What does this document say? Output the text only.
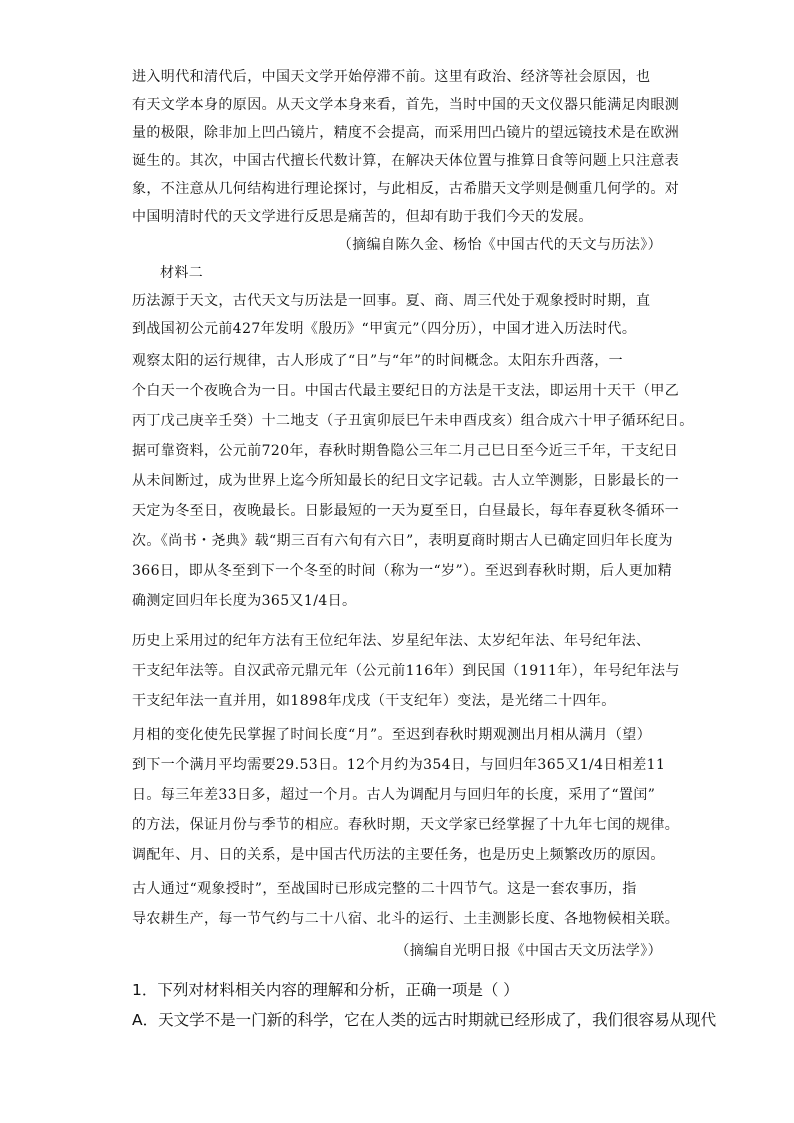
进入明代和清代后，中国天文学开始停滞不前。这里有政治、经济等社会原因，也
有天文学本身的原因。从天文学本身来看，首先，当时中国的天文仪器只能满足肉眼测
量的极限，除非加上凹凸镜片，精度不会提高，而采用凹凸镜片的望远镜技术是在欧洲
诞生的。其次，中国古代擅长代数计算，在解决天体位置与推算日食等问题上只注意表
象，不注意从几何结构进行理论探讨，与此相反，古希腊天文学则是侧重几何学的。对
中国明清时代的天文学进行反思是痛苦的，但却有助于我们今天的发展。
（摘编自陈久金、杨怡《中国古代的天文与历法》）
材料二
历法源于天文，古代天文与历法是一回事。夏、商、周三代处于观象授时时期，直
到战国初公元前427年发明《殷历》“甲寅元”（四分历），中国才进入历法时代。
观察太阳的运行规律，古人形成了“日”与“年”的时间概念。太阳东升西落，一
个白天一个夜晚合为一日。中国古代最主要纪日的方法是干支法，即运用十天干（甲乙
丙丁戊己庚辛壬癸）十二地支（子丑寅卯辰巳午未申酉戌亥）组合成六十甲子循环纪日。
据可靠资料，公元前720年，春秋时期鲁隐公三年二月己巳日至今近三千年，干支纪日
从未间断过，成为世界上迄今所知最长的纪日文字记载。古人立竿测影，日影最长的一
天定为冬至日，夜晚最长。日影最短的一天为夏至日，白昼最长，每年春夏秋冬循环一
次。《尚书・尧典》载“期三百有六旬有六日”，表明夏商时期古人已确定回归年长度为
366日，即从冬至到下一个冬至的时间（称为一“岁”）。至迟到春秋时期，后人更加精
确测定回归年长度为365又1/4日。
历史上采用过的纪年方法有王位纪年法、岁星纪年法、太岁纪年法、年号纪年法、
干支纪年法等。自汉武帝元鼎元年（公元前116年）到民国（1911年），年号纪年法与
干支纪年法一直并用，如1898年戊戌（干支纪年）变法，是光绪二十四年。
月相的变化使先民掌握了时间长度“月”。至迟到春秋时期观测出月相从满月（望）
到下一个满月平均需要29.53日。12个月约为354日，与回归年365又1/4日相差11
日。每三年差33日多，超过一个月。古人为调配月与回归年的长度，采用了“置闰”
的方法，保证月份与季节的相应。春秋时期，天文学家已经掌握了十九年七闰的规律。
调配年、月、日的关系，是中国古代历法的主要任务，也是历史上频繁改历的原因。
古人通过“观象授时”，至战国时已形成完整的二十四节气。这是一套农事历，指
导农耕生产，每一节气约与二十八宿、北斗的运行、土圭测影长度、各地物候相关联。
（摘编自光明日报《中国古天文历法学》）
1．下列对材料相关内容的理解和分析，正确一项是（ ）
A．天文学不是一门新的科学，它在人类的远古时期就已经形成了，我们很容易从现代
